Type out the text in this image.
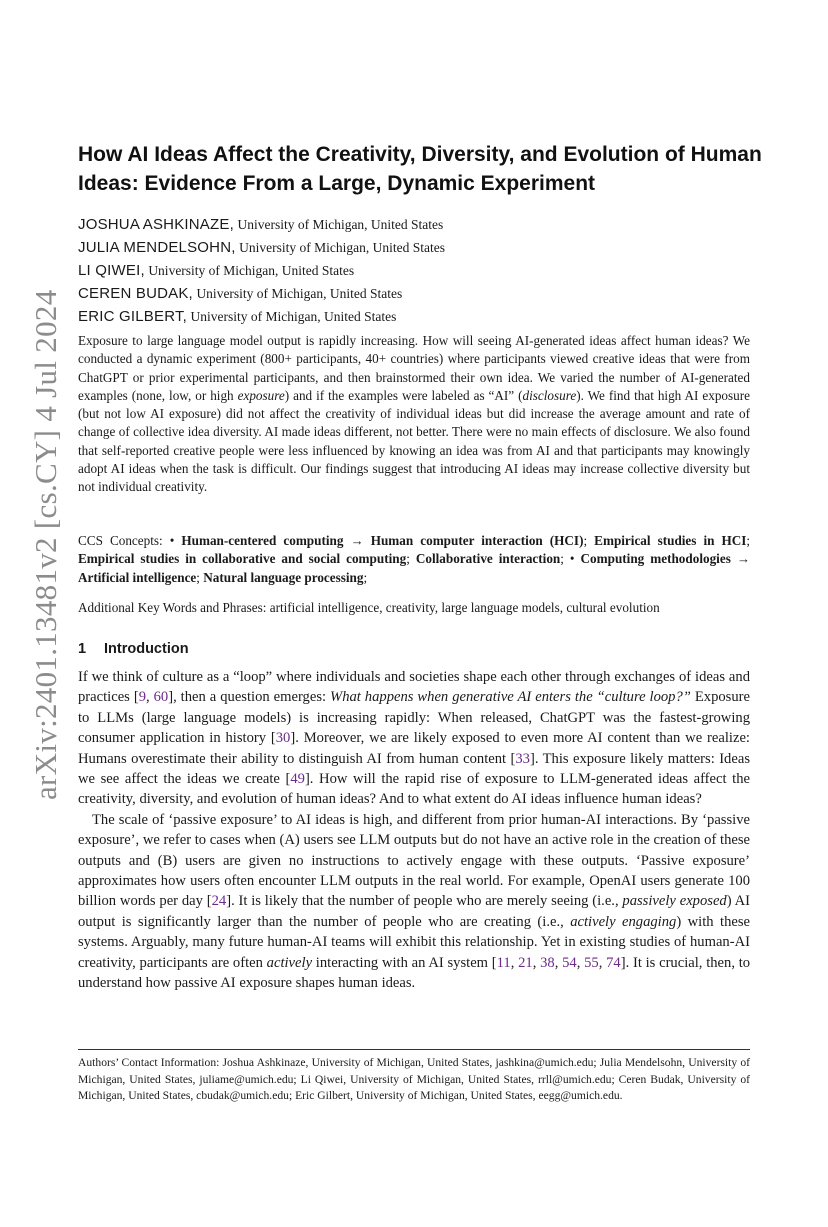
arXiv:2401.13481v2 [cs.CY] 4 Jul 2024
How AI Ideas Affect the Creativity, Diversity, and Evolution of Human Ideas: Evidence From a Large, Dynamic Experiment
JOSHUA ASHKINAZE, University of Michigan, United States
JULIA MENDELSOHN, University of Michigan, United States
LI QIWEI, University of Michigan, United States
CEREN BUDAK, University of Michigan, United States
ERIC GILBERT, University of Michigan, United States
Exposure to large language model output is rapidly increasing. How will seeing AI-generated ideas affect human ideas? We conducted a dynamic experiment (800+ participants, 40+ countries) where participants viewed creative ideas that were from ChatGPT or prior experimental participants, and then brainstormed their own idea. We varied the number of AI-generated examples (none, low, or high exposure) and if the examples were labeled as “AI” (disclosure). We find that high AI exposure (but not low AI exposure) did not affect the creativity of individual ideas but did increase the average amount and rate of change of collective idea diversity. AI made ideas different, not better. There were no main effects of disclosure. We also found that self-reported creative people were less influenced by knowing an idea was from AI and that participants may knowingly adopt AI ideas when the task is difficult. Our findings suggest that introducing AI ideas may increase collective diversity but not individual creativity.
CCS Concepts: • Human-centered computing → Human computer interaction (HCI); Empirical studies in HCI; Empirical studies in collaborative and social computing; Collaborative interaction; • Computing methodologies → Artificial intelligence; Natural language processing;
Additional Key Words and Phrases: artificial intelligence, creativity, large language models, cultural evolution
1 Introduction

If we think of culture as a “loop” where individuals and societies shape each other through exchanges of ideas and practices [9, 60], then a question emerges: What happens when generative AI enters the “culture loop?” Exposure to LLMs (large language models) is increasing rapidly: When released, ChatGPT was the fastest-growing consumer application in history [30]. Moreover, we are likely exposed to even more AI content than we realize: Humans overestimate their ability to distinguish AI from human content [33]. This exposure likely matters: Ideas we see affect the ideas we create [49]. How will the rapid rise of exposure to LLM-generated ideas affect the creativity, diversity, and evolution of human ideas? And to what extent do AI ideas influence human ideas?

The scale of ‘passive exposure’ to AI ideas is high, and different from prior human-AI interactions. By ‘passive exposure’, we refer to cases when (A) users see LLM outputs but do not have an active role in the creation of these outputs and (B) users are given no instructions to actively engage with these outputs. ‘Passive exposure’ approximates how users often encounter LLM outputs in the real world. For example, OpenAI users generate 100 billion words per day [24]. It is likely that the number of people who are merely seeing (i.e., passively exposed) AI output is significantly larger than the number of people who are creating (i.e., actively engaging) with these systems. Arguably, many future human-AI teams will exhibit this relationship. Yet in existing studies of human-AI creativity, participants are often actively interacting with an AI system [11, 21, 38, 54, 55, 74]. It is crucial, then, to understand how passive AI exposure shapes human ideas.

Authors’ Contact Information: Joshua Ashkinaze, University of Michigan, United States, jashkina@umich.edu; Julia Mendelsohn, University of Michigan, United States, juliame@umich.edu; Li Qiwei, University of Michigan, United States, rrll@umich.edu; Ceren Budak, University of Michigan, United States, cbudak@umich.edu; Eric Gilbert, University of Michigan, United States, eegg@umich.edu.
